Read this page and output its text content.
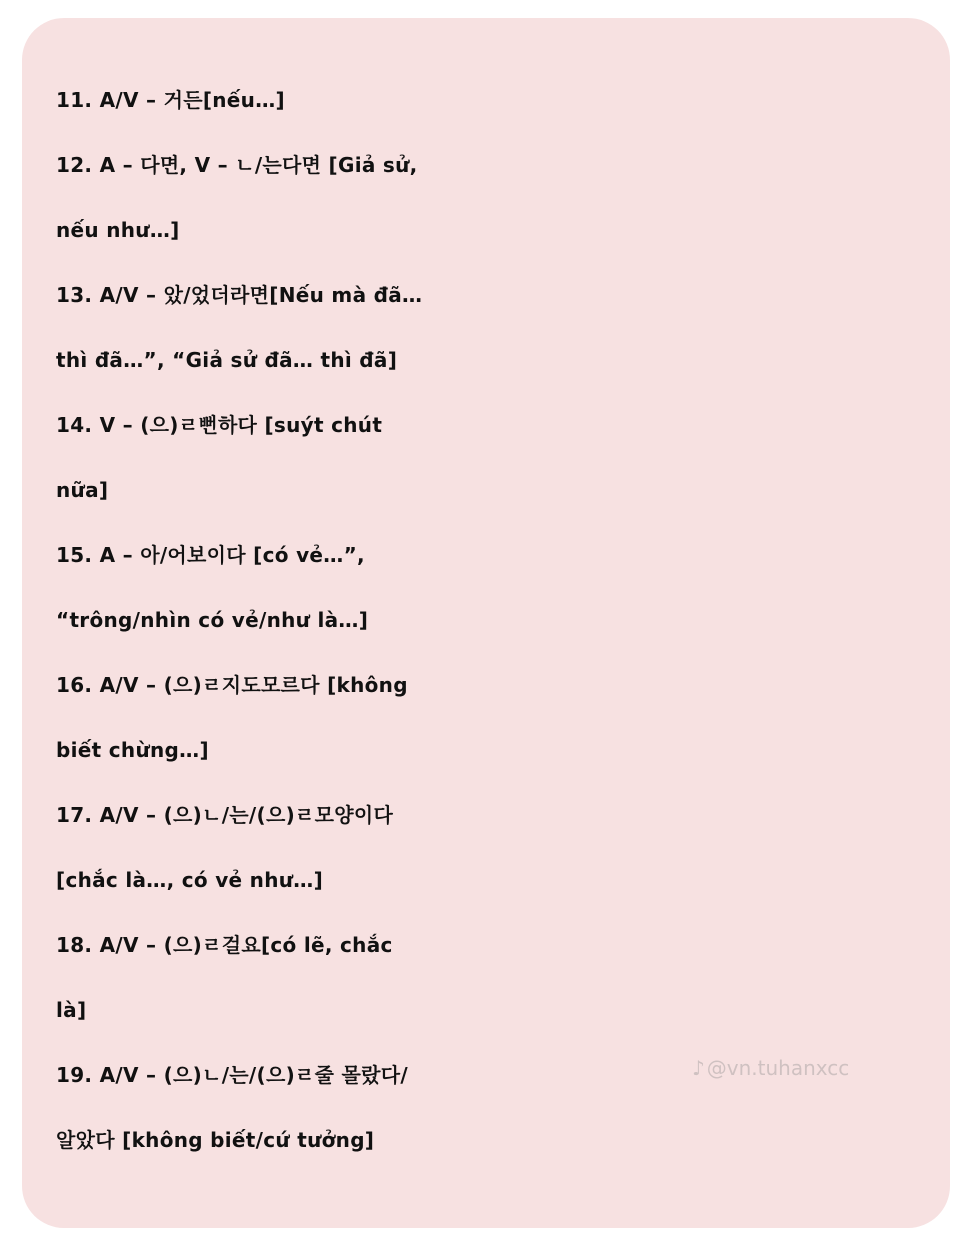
11. A/V – 거든[nếu…]
12. A – 다면, V – ㄴ/는다면 [Giả sử,
nếu như…]
13. A/V – 았/었더라면[Nếu mà đã…
thì đã…”, “Giả sử đã… thì đã]
14. V – (으)ㄹ뻔하다 [suýt chút
nữa]
15. A – 아/어보이다 [có vẻ…”,
“trông/nhìn có vẻ/như là…]
16. A/V – (으)ㄹ지도모르다 [không
biết chừng…]
17. A/V – (으)ㄴ/는/(으)ㄹ모양이다
[chắc là…, có vẻ như…]
18. A/V – (으)ㄹ걸요[có lẽ, chắc
là]
19. A/V – (으)ㄴ/는/(으)ㄹ줄 몰랐다/
알았다 [không biết/cứ tưởng]
♪ @vn.tuhanxcc
